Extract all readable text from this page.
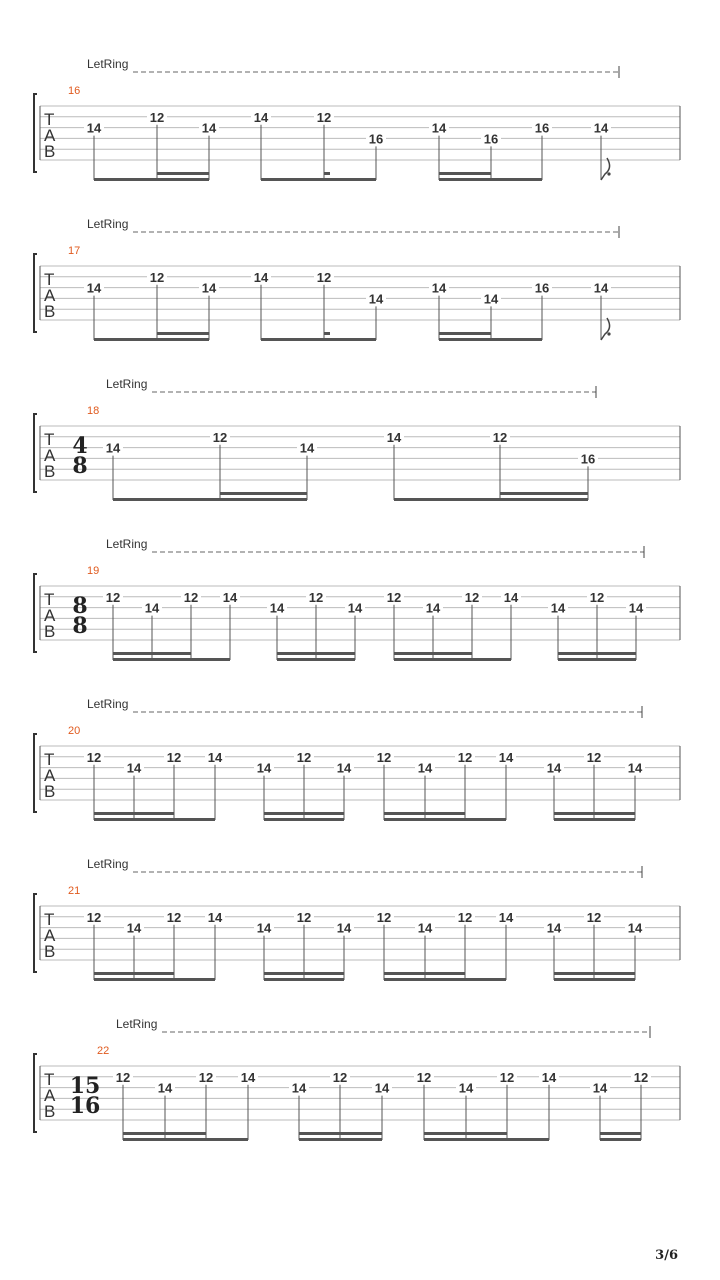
LetRing
16
T
A
B
14
12
14
14	12
16
14
16
16	14
LetRing
17
T
A
B
14
12
14
14	12
14
14
14
16	14
LetRing
18
T
A
B
4
8
14
12
14
14	12
16
LetRing
19
T
A
B
8
8
12
14
12 14
14
12
14
12
14
12 14
14
12
14
LetRing
20
T
A
B
12
14
12 14
14
12
14
12
14
12 14
14
12
14
LetRing
21
T
A
B
12
14
12 14
14
12
14
12
14
12 14
14
12
14
LetRing
22
T
A
B
15
16
12
14
12 14
14
12
14
12
14
12 14
14
12
3/6
